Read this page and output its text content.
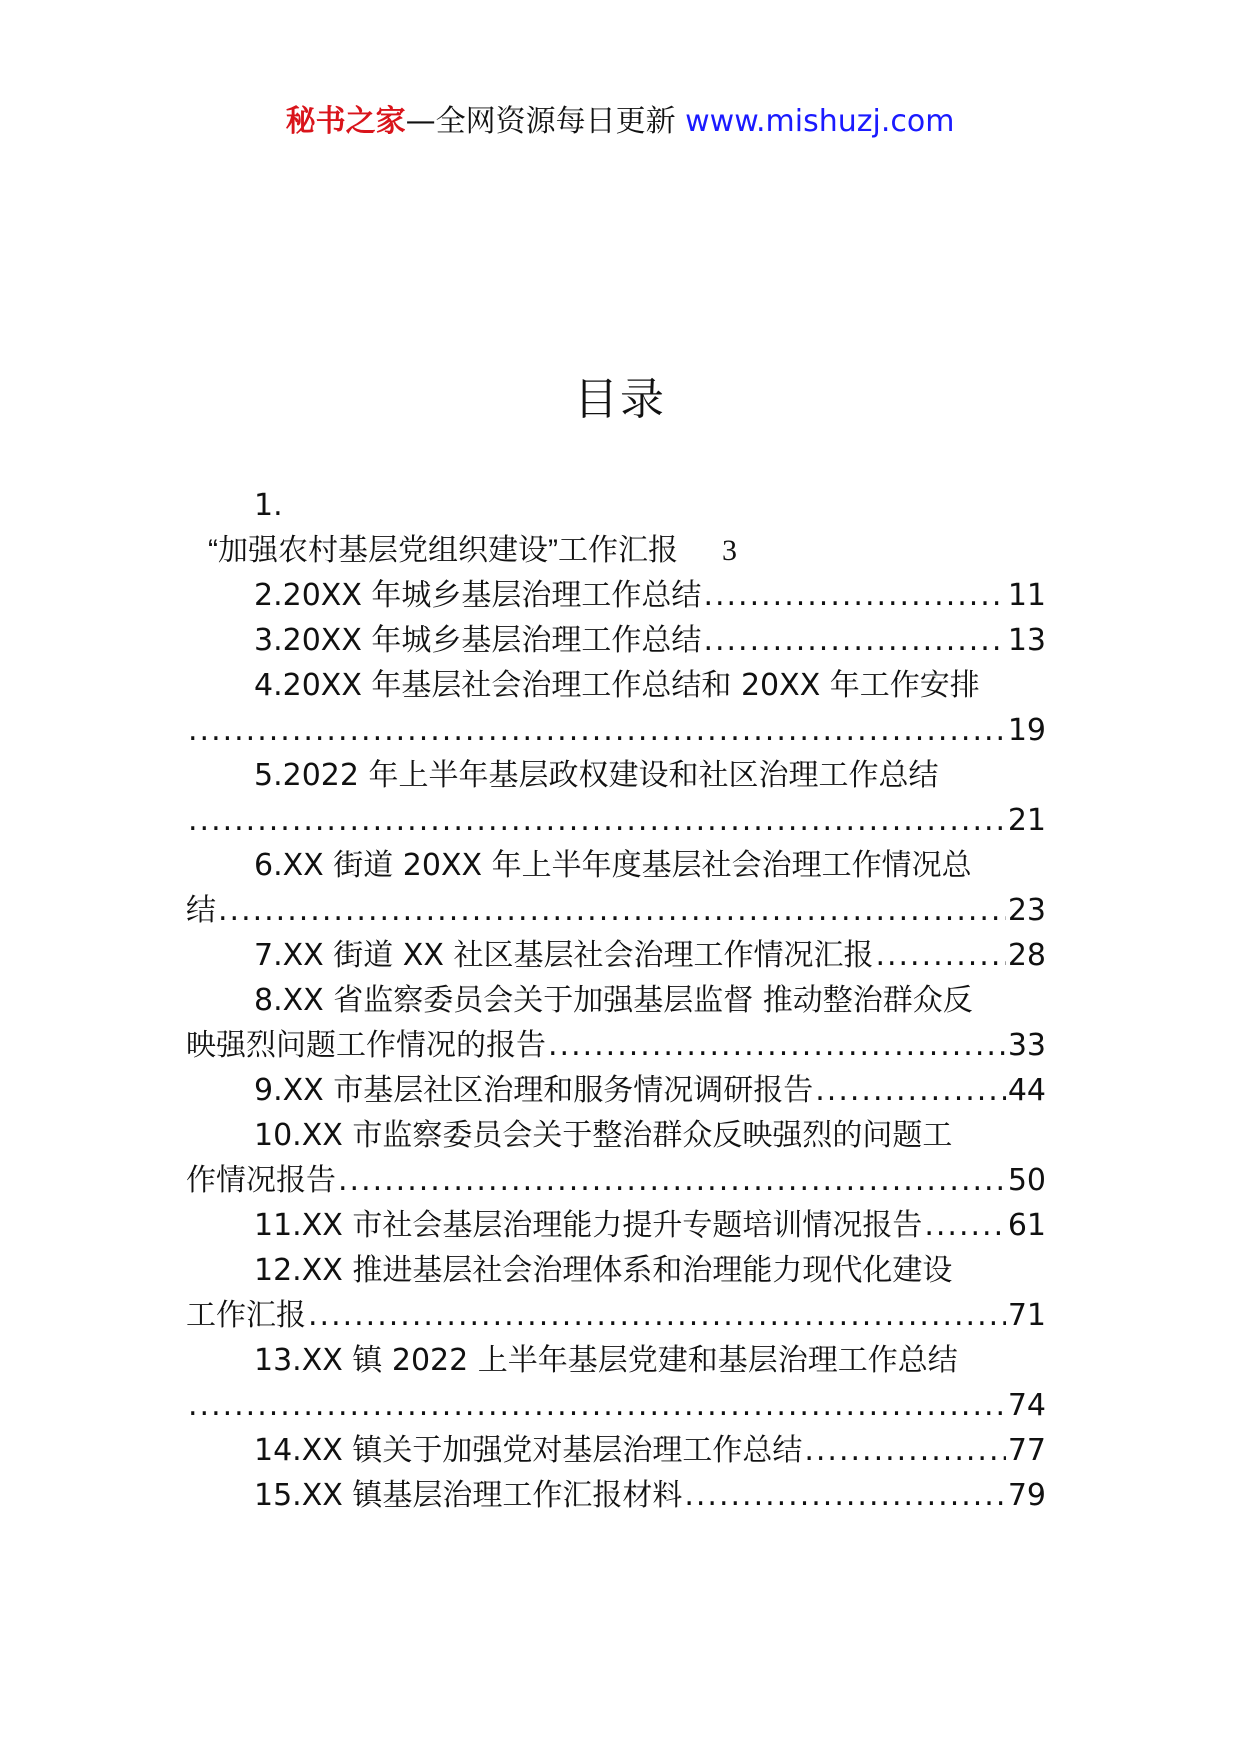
秘书之家—全网资源每日更新 www.mishuzj.com
目录
1.
“加强农村基层党组织建设”工作汇报 3
2.20XX 年城乡基层治理工作总结 .....	11
3.20XX 年城乡基层治理工作总结 .....	13
4.20XX 年基层社会治理工作总结和 20XX 年工作安排
.....
19
5.2022 年上半年基层政权建设和社区治理工作总结
.....
21
6.XX 街道 20XX 年上半年度基层社会治理工作情况总
结 .....	23
7.XX 街道 XX 社区基层社会治理工作情况汇报 .....	28
8.XX 省监察委员会关于加强基层监督 推动整治群众反
映强烈问题工作情况的报告 .....	33
9.XX 市基层社区治理和服务情况调研报告 .....	44
10.XX 市监察委员会关于整治群众反映强烈的问题工
作情况报告 .....	50
11.XX 市社会基层治理能力提升专题培训情况报告 .....	61
12.XX 推进基层社会治理体系和治理能力现代化建设
工作汇报 .....	71
13.XX 镇 2022 上半年基层党建和基层治理工作总结
.....
74
14.XX 镇关于加强党对基层治理工作总结 .....	77
15.XX 镇基层治理工作汇报材料 .....	79
